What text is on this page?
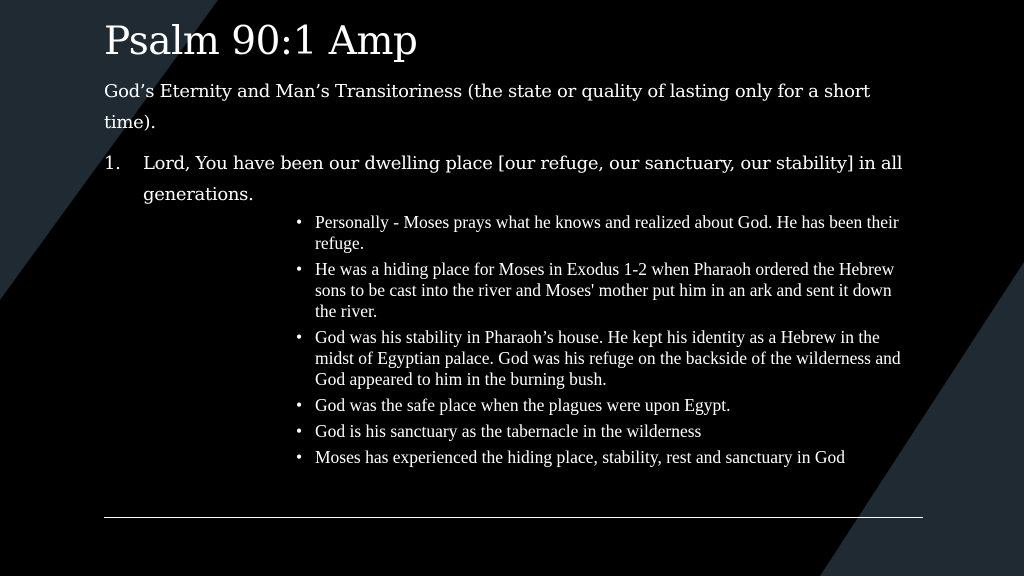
Psalm 90:1 Amp

God’s Eternity and Man’s Transitoriness (the state or quality of lasting only for a short time).

1. Lord, You have been our dwelling place [our refuge, our sanctuary, our stability] in all generations.
• Personally - Moses prays what he knows and realized about God. He has been their refuge.
• He was a hiding place for Moses in Exodus 1-2 when Pharaoh ordered the Hebrew sons to be cast into the river and Moses' mother put him in an ark and sent it down the river.
• God was his stability in Pharaoh’s house. He kept his identity as a Hebrew in the midst of Egyptian palace. God was his refuge on the backside of the wilderness and God appeared to him in the burning bush.
• God was the safe place when the plagues were upon Egypt.
• God is his sanctuary as the tabernacle in the wilderness
• Moses has experienced the hiding place, stability, rest and sanctuary in God
